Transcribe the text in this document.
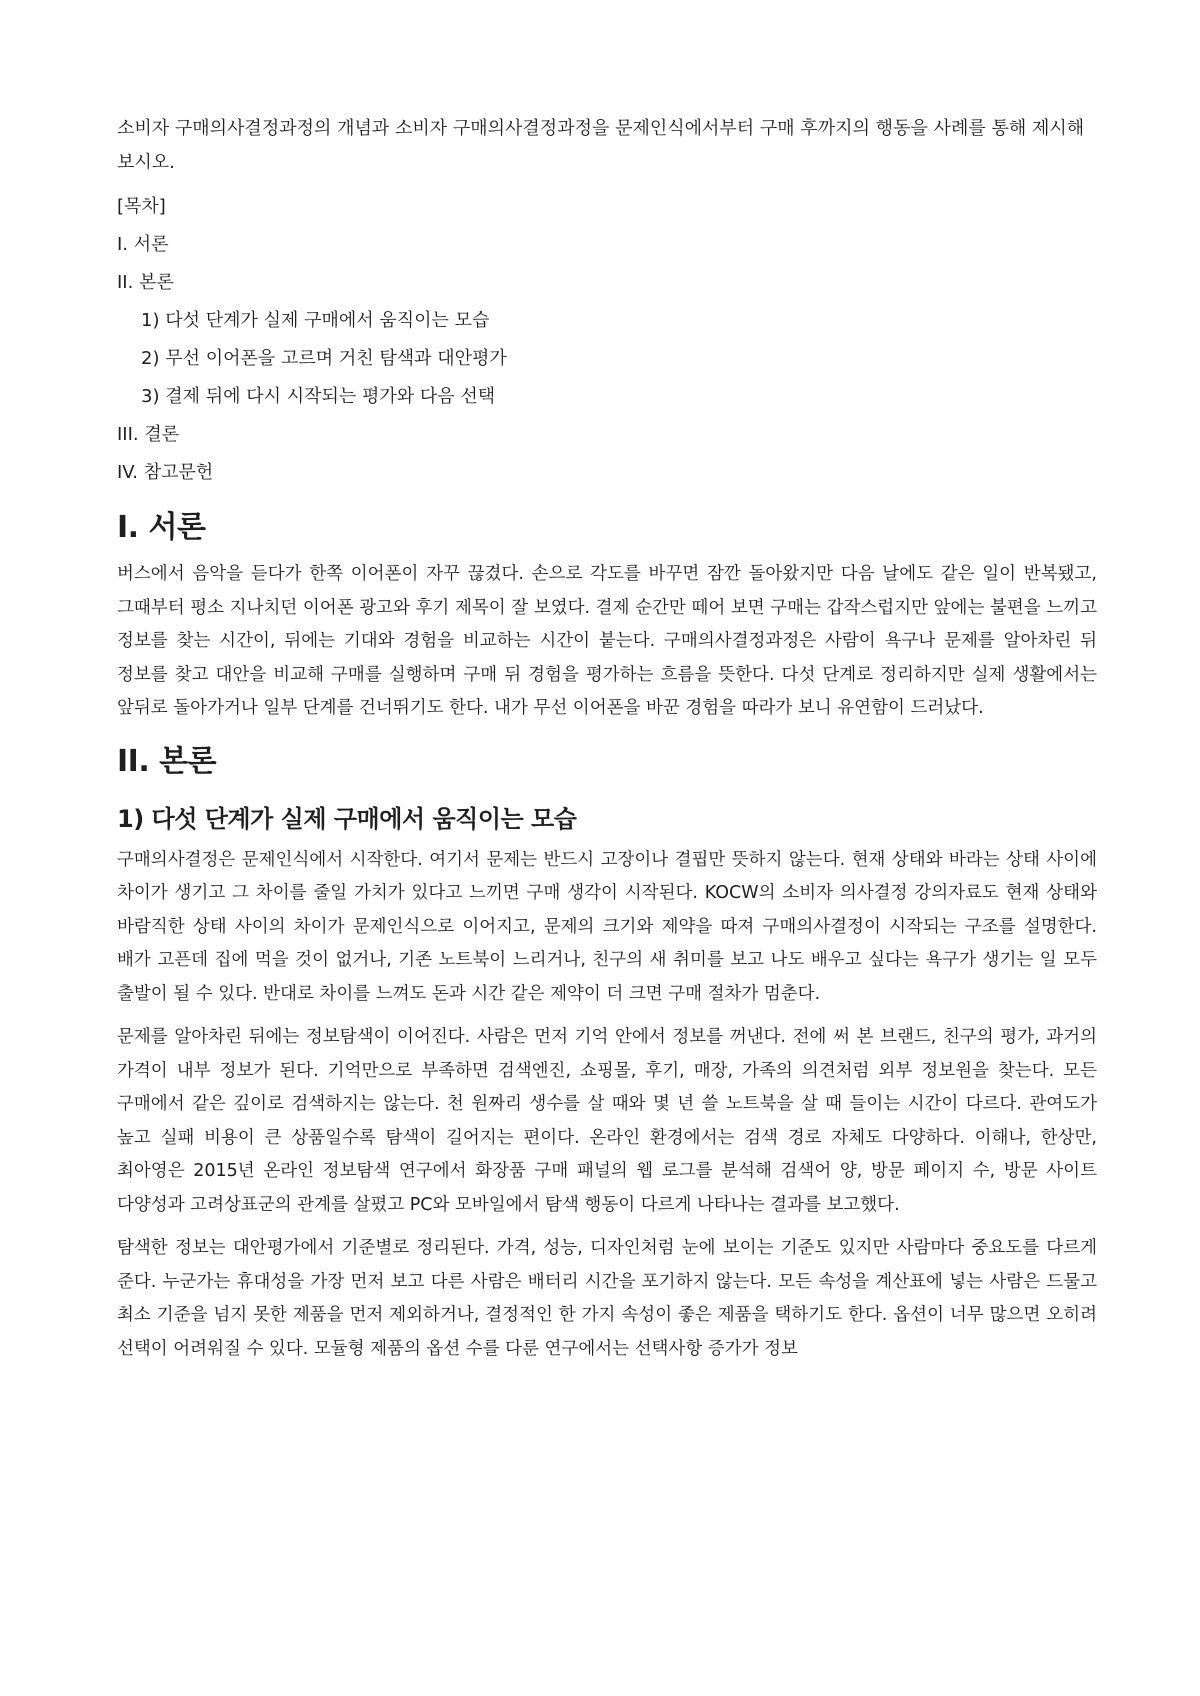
소비자 구매의사결정과정의 개념과 소비자 구매의사결정과정을 문제인식에서부터 구매 후까지의 행동을 사례를 통해 제시해 보시오.

[목차]

I. 서론

II. 본론

1) 다섯 단계가 실제 구매에서 움직이는 모습

2) 무선 이어폰을 고르며 거친 탐색과 대안평가

3) 결제 뒤에 다시 시작되는 평가와 다음 선택

III. 결론

IV. 참고문헌

I. 서론

버스에서 음악을 듣다가 한쪽 이어폰이 자꾸 끊겼다. 손으로 각도를 바꾸면 잠깐 돌아왔지만 다음 날에도 같은 일이 반복됐고, 그때부터 평소 지나치던 이어폰 광고와 후기 제목이 잘 보였다. 결제 순간만 떼어 보면 구매는 갑작스럽지만 앞에는 불편을 느끼고 정보를 찾는 시간이, 뒤에는 기대와 경험을 비교하는 시간이 붙는다. 구매의사결정과정은 사람이 욕구나 문제를 알아차린 뒤 정보를 찾고 대안을 비교해 구매를 실행하며 구매 뒤 경험을 평가하는 흐름을 뜻한다. 다섯 단계로 정리하지만 실제 생활에서는 앞뒤로 돌아가거나 일부 단계를 건너뛰기도 한다. 내가 무선 이어폰을 바꾼 경험을 따라가 보니 유연함이 드러났다.

II. 본론
1) 다섯 단계가 실제 구매에서 움직이는 모습

구매의사결정은 문제인식에서 시작한다. 여기서 문제는 반드시 고장이나 결핍만 뜻하지 않는다. 현재 상태와 바라는 상태 사이에 차이가 생기고 그 차이를 줄일 가치가 있다고 느끼면 구매 생각이 시작된다. KOCW의 소비자 의사결정 강의자료도 현재 상태와 바람직한 상태 사이의 차이가 문제인식으로 이어지고, 문제의 크기와 제약을 따져 구매의사결정이 시작되는 구조를 설명한다. 배가 고픈데 집에 먹을 것이 없거나, 기존 노트북이 느리거나, 친구의 새 취미를 보고 나도 배우고 싶다는 욕구가 생기는 일 모두 출발이 될 수 있다. 반대로 차이를 느껴도 돈과 시간 같은 제약이 더 크면 구매 절차가 멈춘다.

문제를 알아차린 뒤에는 정보탐색이 이어진다. 사람은 먼저 기억 안에서 정보를 꺼낸다. 전에 써 본 브랜드, 친구의 평가, 과거의 가격이 내부 정보가 된다. 기억만으로 부족하면 검색엔진, 쇼핑몰, 후기, 매장, 가족의 의견처럼 외부 정보원을 찾는다. 모든 구매에서 같은 깊이로 검색하지는 않는다. 천 원짜리 생수를 살 때와 몇 년 쓸 노트북을 살 때 들이는 시간이 다르다. 관여도가 높고 실패 비용이 큰 상품일수록 탐색이 길어지는 편이다. 온라인 환경에서는 검색 경로 자체도 다양하다. 이해나, 한상만, 최아영은 2015년 온라인 정보탐색 연구에서 화장품 구매 패널의 웹 로그를 분석해 검색어 양, 방문 페이지 수, 방문 사이트 다양성과 고려상표군의 관계를 살폈고 PC와 모바일에서 탐색 행동이 다르게 나타나는 결과를 보고했다.

탐색한 정보는 대안평가에서 기준별로 정리된다. 가격, 성능, 디자인처럼 눈에 보이는 기준도 있지만 사람마다 중요도를 다르게 준다. 누군가는 휴대성을 가장 먼저 보고 다른 사람은 배터리 시간을 포기하지 않는다. 모든 속성을 계산표에 넣는 사람은 드물고 최소 기준을 넘지 못한 제품을 먼저 제외하거나, 결정적인 한 가지 속성이 좋은 제품을 택하기도 한다. 옵션이 너무 많으면 오히려 선택이 어려워질 수 있다. 모듈형 제품의 옵션 수를 다룬 연구에서는 선택사항 증가가 정보
